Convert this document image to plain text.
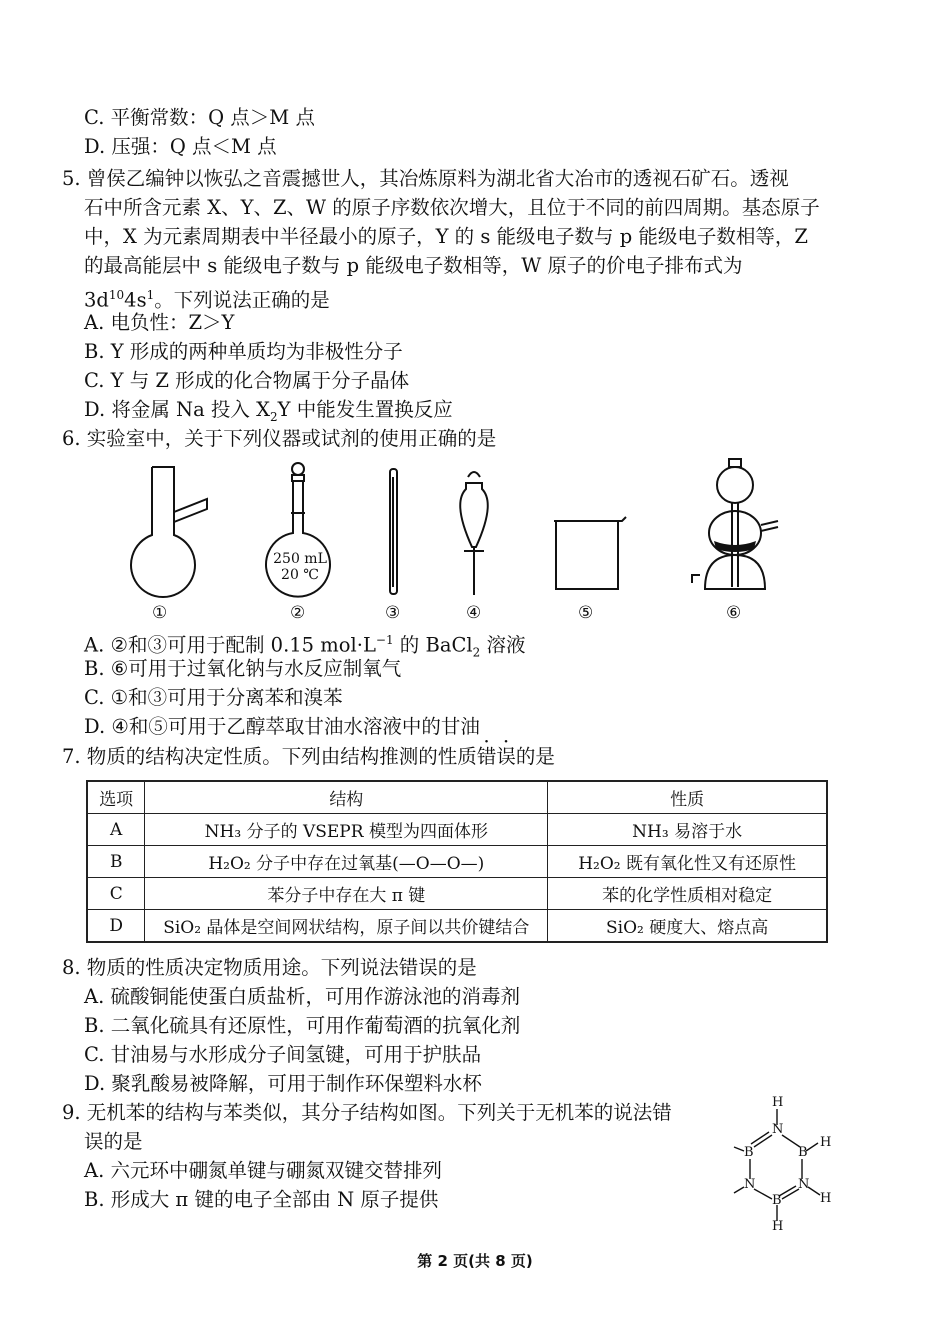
C. 平衡常数：Q 点＞M 点
D. 压强：Q 点＜M 点
5. 曾侯乙编钟以恢弘之音震撼世人，其冶炼原料为湖北省大冶市的透视石矿石。透视
石中所含元素 X、Y、Z、W 的原子序数依次增大，且位于不同的前四周期。基态原子
中，X 为元素周期表中半径最小的原子，Y 的 s 能级电子数与 p 能级电子数相等，Z
的最高能层中 s 能级电子数与 p 能级电子数相等，W 原子的价电子排布式为
$3d^{10}4s^1$。下列说法正确的是
A. 电负性：Z＞Y
B. Y 形成的两种单质均为非极性分子
C. Y 与 Z 形成的化合物属于分子晶体
D. 将金属 Na 投入 $X_2Y$ 中能发生置换反应
6. 实验室中，关于下列仪器或试剂的使用正确的是
250 mL
20 ℃
①	②	③	④	⑤	⑥
A. ②和③可用于配制 0.15 $mol\cdot L^{-1}$ 的 BaCl$_2$ 溶液
B. ⑥可用于过氧化钠与水反应制氧气
C. ①和③可用于分离苯和溴苯
D. ④和⑤可用于乙醇萃取甘油水溶液中的甘油
7. 物质的结构决定性质。下列由结构推测的性质错误的是
选项	结构	性质
A	NH₃ 分子的 VSEPR 模型为四面体形	NH₃ 易溶于水
B	H₂O₂ 分子中存在过氧基(—O—O—)	H₂O₂ 既有氧化性又有还原性
C	苯分子中存在大 π 键	苯的化学性质相对稳定
D	SiO₂ 晶体是空间网状结构，原子间以共价键结合	SiO₂ 硬度大、熔点高
8. 物质的性质决定物质用途。下列说法错误的是
A. 硫酸铜能使蛋白质盐析，可用作游泳池的消毒剂
B. 二氧化硫具有还原性，可用作葡萄酒的抗氧化剂
C. 甘油易与水形成分子间氢键，可用于护肤品
D. 聚乳酸易被降解，可用于制作环保塑料水杯
9. 无机苯的结构与苯类似，其分子结构如图。下列关于无机苯的说法错
误的是
A. 六元环中硼氮单键与硼氮双键交替排列
B. 形成大 π 键的电子全部由 N 原子提供
H
N
B
H
N
H
B
H
N
B
第 2 页(共 8 页)
